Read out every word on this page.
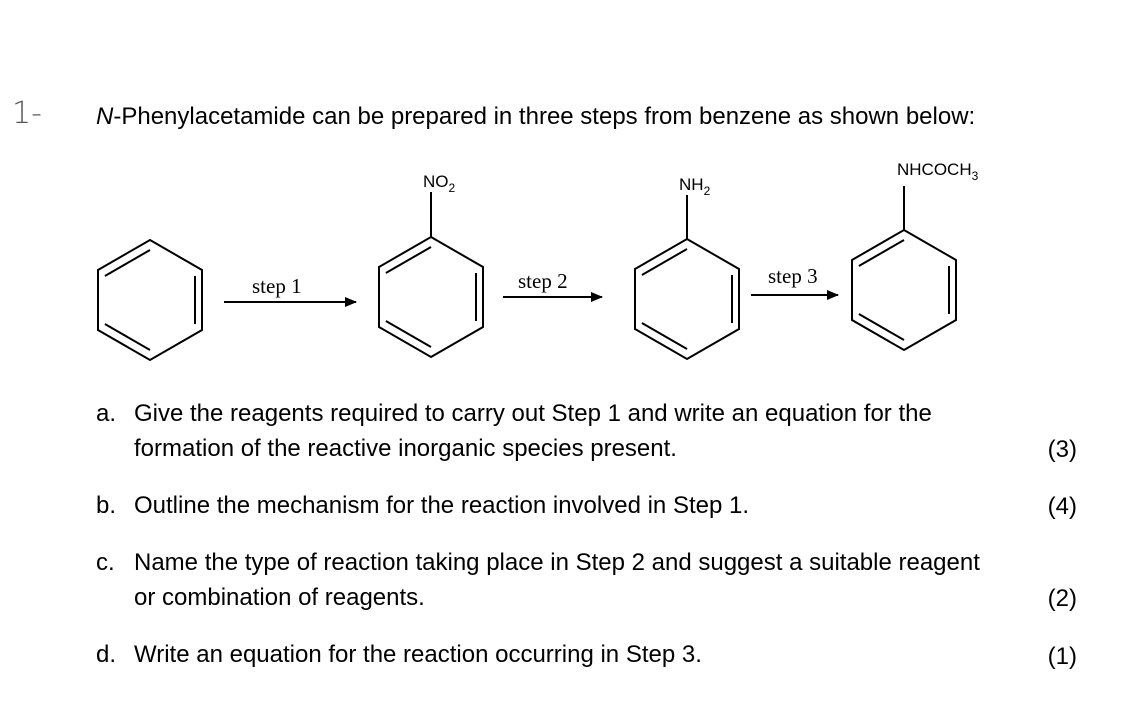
1- N-Phenylacetamide can be prepared in three steps from benzene as shown below:
$NO_2$	$NH_2$
$NHCOCH_3$
step 1	step 2	step 3
a. Give the reagents required to carry out Step 1 and write an equation for the
formation of the reactive inorganic species present.	(3)
b. Outline the mechanism for the reaction involved in Step 1.	(4)
c. Name the type of reaction taking place in Step 2 and suggest a suitable reagent
or combination of reagents.	(2)
d. Write an equation for the reaction occurring in Step 3.	(1)
